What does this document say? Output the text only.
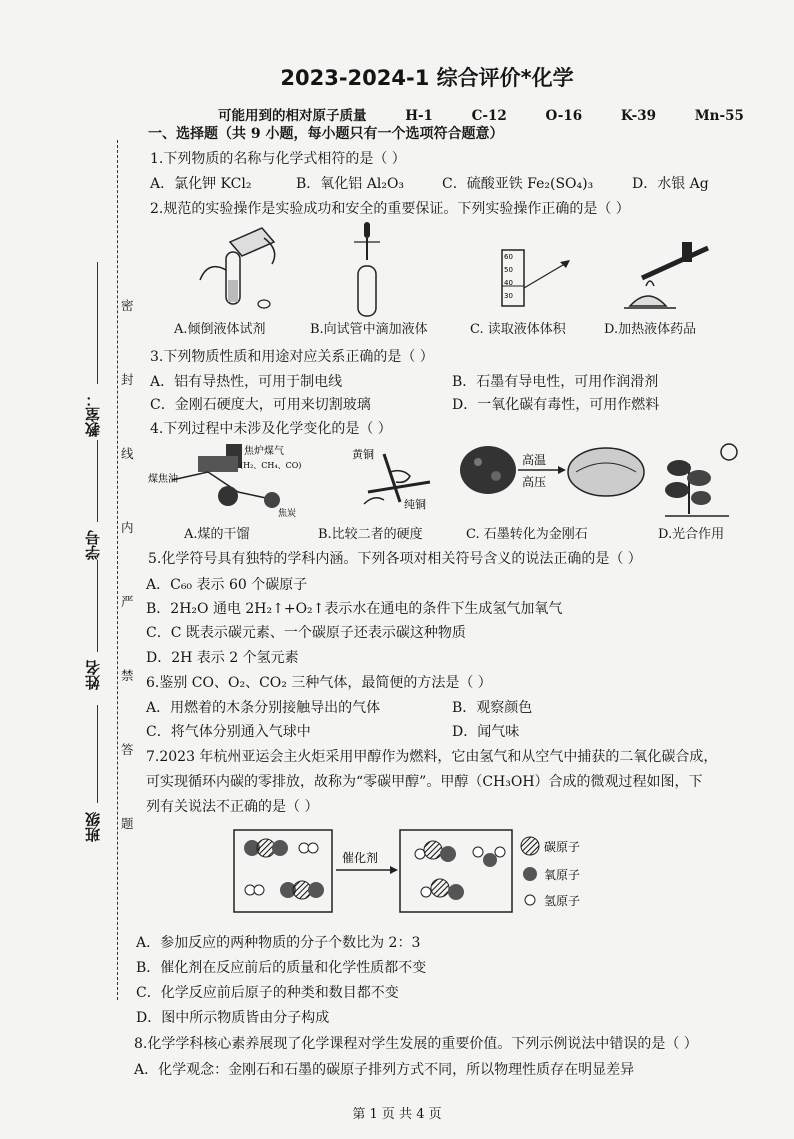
2023-2024-1 综合评价*化学
可能用到的相对原子质量	H-1	C-12	O-16	K-39	Mn-55
一、选择题（共 9 小题，每小题只有一个选项符合题意）
教室：
学号
姓名
班级
密
封
线
内
严
禁
答
题
1.下列物质的名称与化学式相符的是（ ）
A．氯化钾 KCl₂	B．氧化铝 Al₂O₃	C．硫酸亚铁 Fe₂(SO₄)₃	D．水银 Ag
2.规范的实验操作是实验成功和安全的重要保证。下列实验操作正确的是（ ）
60
50
40
30
A.倾倒液体试剂	B.向试管中滴加液体	C. 读取液体体积	D.加热液体药品
3.下列物质性质和用途对应关系正确的是（ ）
A．铝有导热性，可用于制电线	B．石墨有导电性，可用作润滑剂
C．金刚石硬度大，可用来切割玻璃	D．一氧化碳有毒性，可用作燃料
4.下列过程中未涉及化学变化的是（ ）
焦炉煤气
(H₂、CH₄、CO)
煤焦油
焦炭
黄铜
纯铜
高温
高压
A.煤的干馏	B.比较二者的硬度	C. 石墨转化为金刚石	D.光合作用
5.化学符号具有独特的学科内涵。下列各项对相关符号含义的说法正确的是（ ）
A．C₆₀ 表示 60 个碳原子
B．2H₂O 通电 2H₂↑+O₂↑表示水在通电的条件下生成氢气加氧气
C．C 既表示碳元素、一个碳原子还表示碳这种物质
D．2H 表示 2 个氢元素
6.鉴别 CO、O₂、CO₂ 三种气体，最简便的方法是（ ）
A．用燃着的木条分别接触导出的气体	B．观察颜色
C．将气体分别通入气球中	D．闻气味
7.2023 年杭州亚运会主火炬采用甲醇作为燃料，它由氢气和从空气中捕获的二氧化碳合成，
可实现循环内碳的零排放，故称为“零碳甲醇”。甲醇（CH₃OH）合成的微观过程如图，下
列有关说法不正确的是（ ）
催化剂
碳原子
氧原子
氢原子
A．参加反应的两种物质的分子个数比为 2：3
B．催化剂在反应前后的质量和化学性质都不变
C．化学反应前后原子的种类和数目都不变
D．图中所示物质皆由分子构成
8.化学学科核心素养展现了化学课程对学生发展的重要价值。下列示例说法中错误的是（ ）
A．化学观念：金刚石和石墨的碳原子排列方式不同，所以物理性质存在明显差异
第 1 页 共 4 页
